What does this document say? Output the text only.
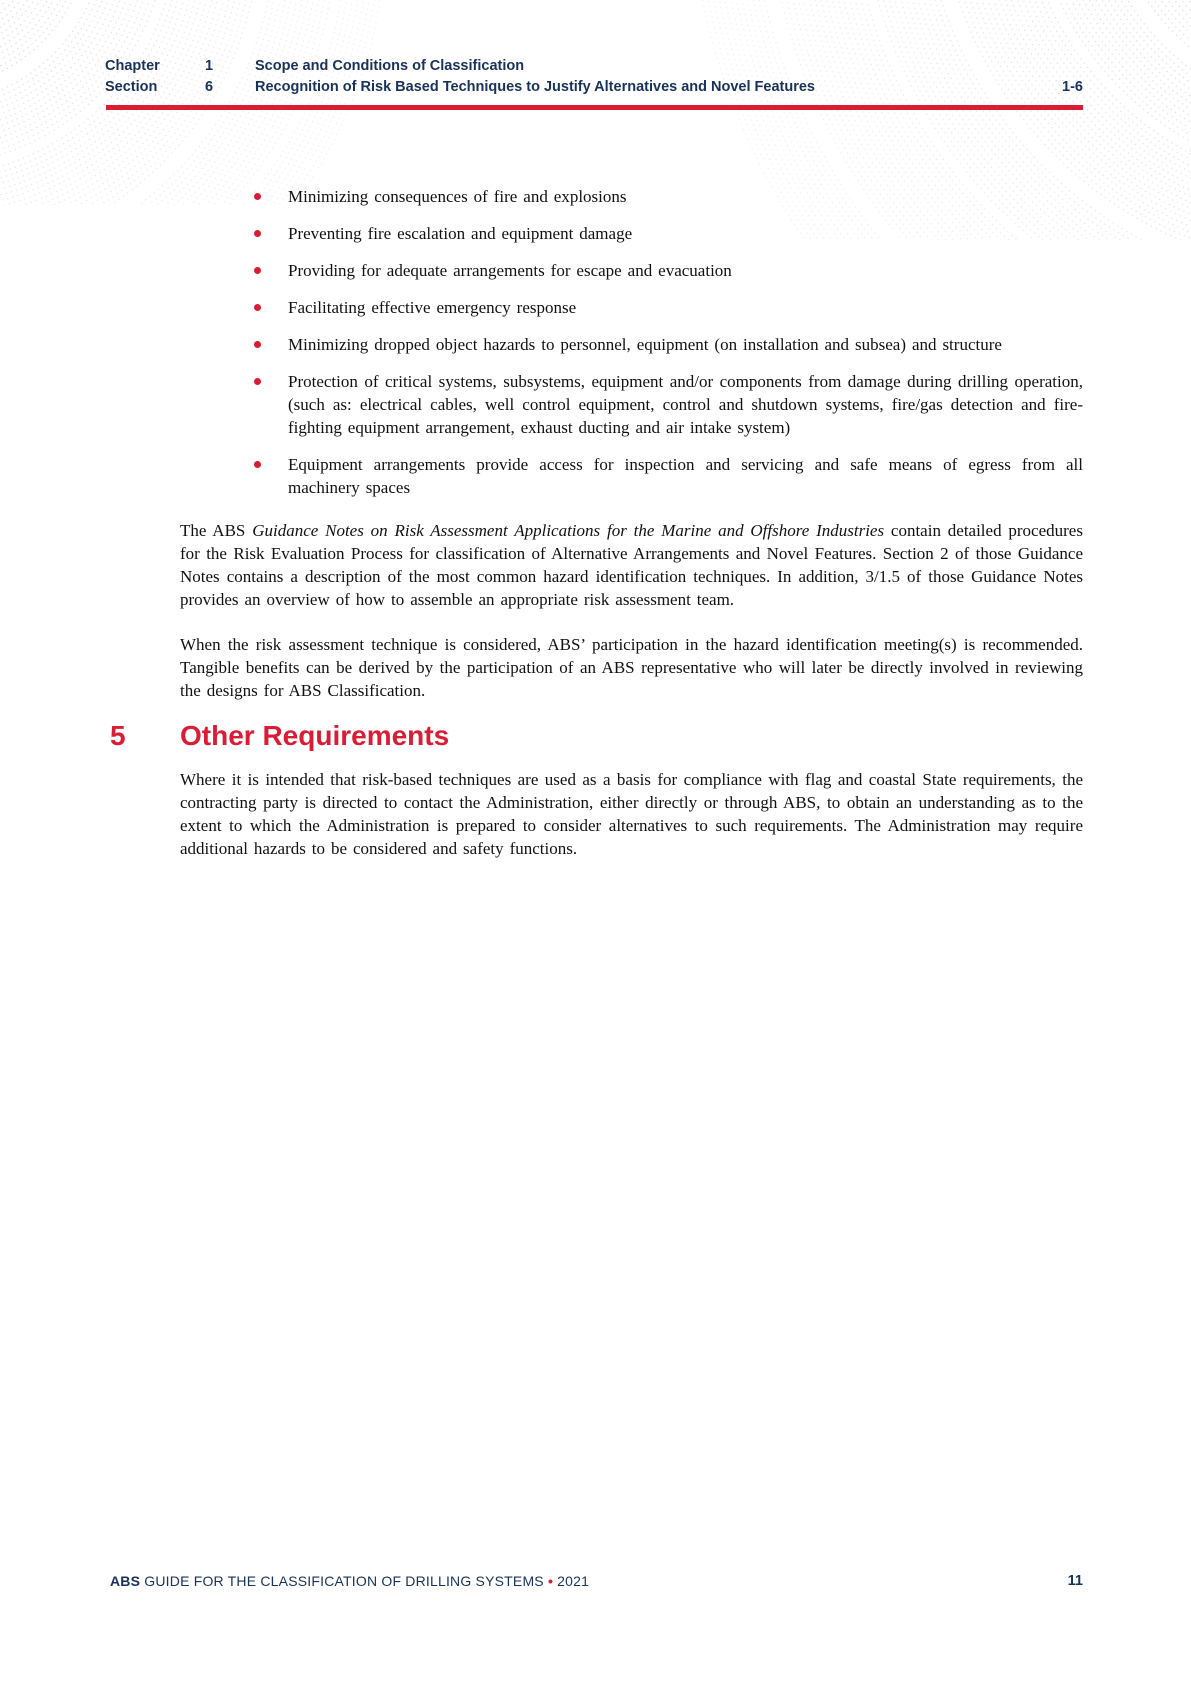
Chapter	1	Scope and Conditions of Classification
Section	6	Recognition of Risk Based Techniques to Justify Alternatives and Novel Features	1-6
Minimizing consequences of fire and explosions
Preventing fire escalation and equipment damage
Providing for adequate arrangements for escape and evacuation
Facilitating effective emergency response
Minimizing dropped object hazards to personnel, equipment (on installation and subsea) and structure
Protection of critical systems, subsystems, equipment and/or components from damage during drilling operation, (such as: electrical cables, well control equipment, control and shutdown systems, fire/gas detection and fire-fighting equipment arrangement, exhaust ducting and air intake system)
Equipment arrangements provide access for inspection and servicing and safe means of egress from all machinery spaces

The ABS Guidance Notes on Risk Assessment Applications for the Marine and Offshore Industries contain detailed procedures for the Risk Evaluation Process for classification of Alternative Arrangements and Novel Features. Section 2 of those Guidance Notes contains a description of the most common hazard identification techniques. In addition, 3/1.5 of those Guidance Notes provides an overview of how to assemble an appropriate risk assessment team.

When the risk assessment technique is considered, ABS’ participation in the hazard identification meeting(s) is recommended. Tangible benefits can be derived by the participation of an ABS representative who will later be directly involved in reviewing the designs for ABS Classification.

5	Other Requirements

Where it is intended that risk-based techniques are used as a basis for compliance with flag and coastal State requirements, the contracting party is directed to contact the Administration, either directly or through ABS, to obtain an understanding as to the extent to which the Administration is prepared to consider alternatives to such requirements. The Administration may require additional hazards to be considered and safety functions.

ABS GUIDE FOR THE CLASSIFICATION OF DRILLING SYSTEMS • 2021	11
